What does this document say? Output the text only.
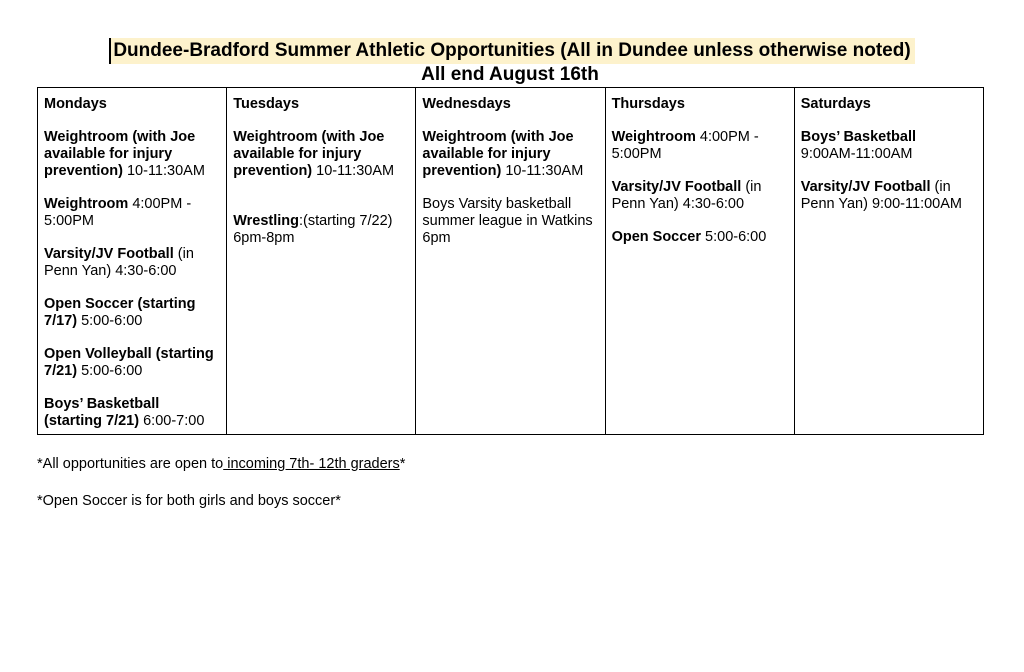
Dundee-Bradford Summer Athletic Opportunities (All in Dundee unless otherwise noted)
All end August 16th
Mondays
Weightroom (with Joe available for injury prevention) 10-11:30AM
Weightroom 4:00PM - 5:00PM
Varsity/JV Football (in Penn Yan) 4:30-6:00
Open Soccer (starting 7/17) 5:00-6:00
Open Volleyball (starting 7/21) 5:00-6:00
Boys’ Basketball (starting 7/21) 6:00-7:00

Tuesdays
Weightroom (with Joe available for injury prevention) 10-11:30AM
Wrestling:(starting 7/22) 6pm-8pm

Wednesdays
Weightroom (with Joe available for injury prevention) 10-11:30AM
Boys Varsity basketball summer league in Watkins 6pm

Thursdays
Weightroom 4:00PM - 5:00PM
Varsity/JV Football (in Penn Yan) 4:30-6:00
Open Soccer 5:00-6:00

Saturdays
Boys’ Basketball
9:00AM-11:00AM
Varsity/JV Football (in Penn Yan) 9:00-11:00AM
*All opportunities are open to incoming 7th- 12th graders*
*Open Soccer is for both girls and boys soccer*
